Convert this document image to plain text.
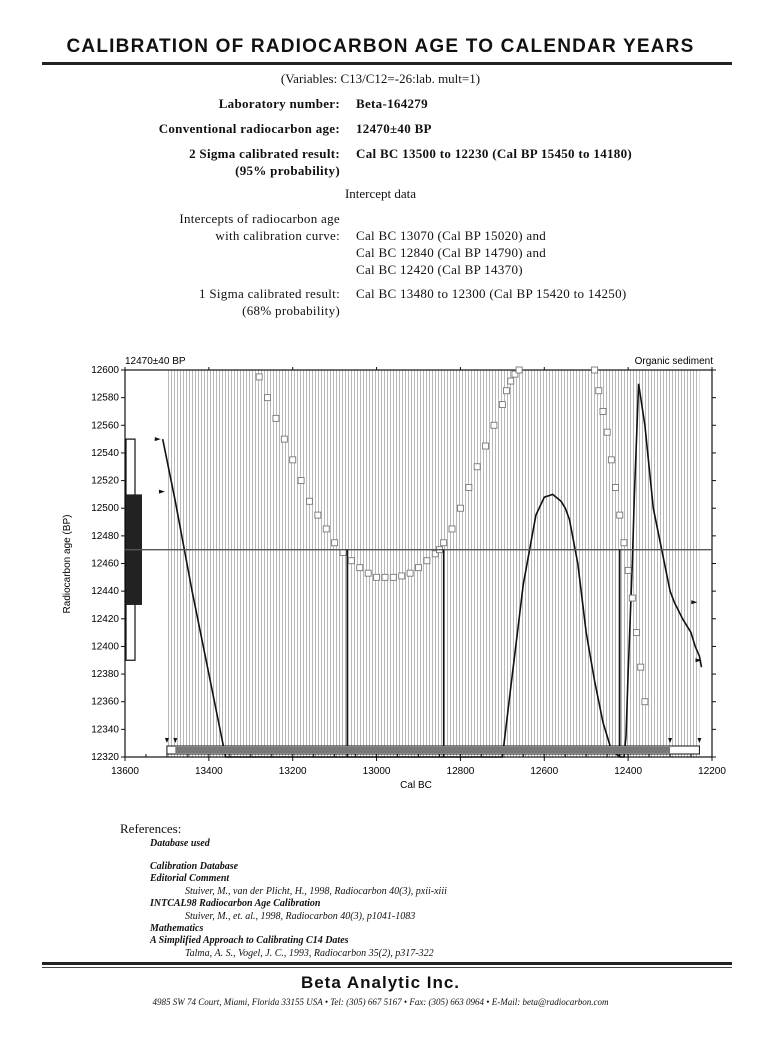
CALIBRATION OF RADIOCARBON AGE TO CALENDAR YEARS
(Variables: C13/C12=-26:lab. mult=1)
Laboratory number: Beta-164279
Conventional radiocarbon age: 12470±40 BP
2 Sigma calibrated result:
(95% probability)
Cal BC 13500 to 12230 (Cal BP 15450 to 14180)
Intercept data
Intercepts of radiocarbon age
with calibration curve: Cal BC 13070 (Cal BP 15020) and
Cal BC 12840 (Cal BP 14790) and
Cal BC 12420 (Cal BP 14370)
1 Sigma calibrated result:
(68% probability)
Cal BC 13480 to 12300 (Cal BP 15420 to 14250)
12470±40 BP	Organic sediment
Cal BC
Radiocarbon age (BP)
12320
12340
12360
12380
12400
12420
12440
12460
12480
12500
12520
12540
12560
12580
12600
13600	13400	13200	13000	12800	12600	12400	12200
References:
Database used
Calibration Database
Editorial Comment
Stuiver, M., van der Plicht, H., 1998, Radiocarbon 40(3), pxii-xiii
INTCAL98 Radiocarbon Age Calibration
Stuiver, M., et. al., 1998, Radiocarbon 40(3), p1041-1083
Mathematics
A Simplified Approach to Calibrating C14 Dates
Talma, A. S., Vogel, J. C., 1993, Radiocarbon 35(2), p317-322
Beta Analytic Inc.
4985 SW 74 Court, Miami, Florida 33155 USA • Tel: (305) 667 5167 • Fax: (305) 663 0964 • E-Mail: beta@radiocarbon.com
